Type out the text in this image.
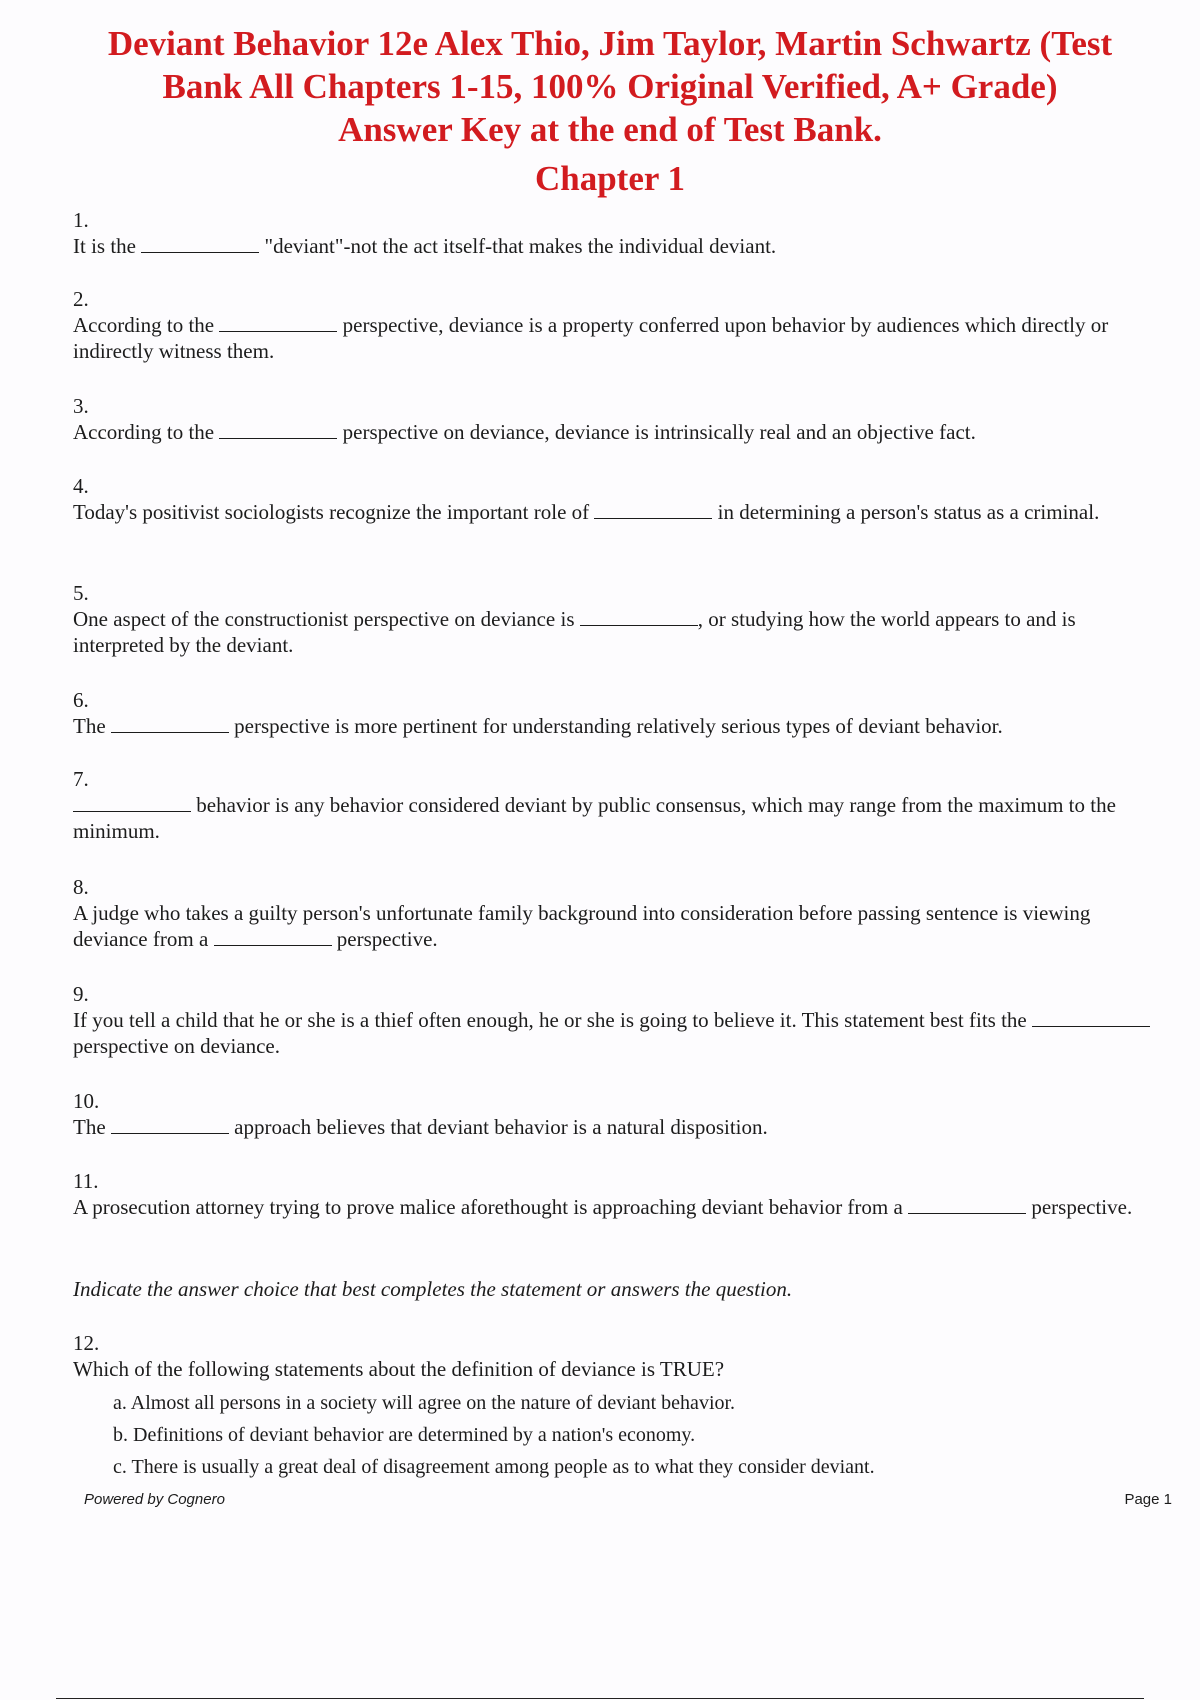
Deviant Behavior 12e Alex Thio, Jim Taylor, Martin Schwartz (Test
Bank All Chapters 1-15, 100% Original Verified, A+ Grade)
Answer Key at the end of Test Bank.
Chapter 1
1.
It is the	"deviant"-not the act itself-that makes the individual deviant.
2.
According to the	perspective, deviance is a property conferred upon behavior by audiences which directly or indirectly witness them.
3.
According to the	perspective on deviance, deviance is intrinsically real and an objective fact.
4.
Today's positivist sociologists recognize the important role of	in determining a person's status as a criminal.
5.
One aspect of the constructionist perspective on deviance is	, or studying how the world appears to and is interpreted by the deviant.
6.
The	perspective is more pertinent for understanding relatively serious types of deviant behavior.
7.
behavior is any behavior considered deviant by public consensus, which may range from the maximum to the minimum.
8.
A judge who takes a guilty person's unfortunate family background into consideration before passing sentence is viewing deviance from a	perspective.
9.
If you tell a child that he or she is a thief often enough, he or she is going to believe it. This statement best fits the  perspective on deviance.
10.
The	approach believes that deviant behavior is a natural disposition.
11.
A prosecution attorney trying to prove malice aforethought is approaching deviant behavior from a	perspective.
Indicate the answer choice that best completes the statement or answers the question.
12.
Which of the following statements about the definition of deviance is TRUE?
a. Almost all persons in a society will agree on the nature of deviant behavior.
b. Definitions of deviant behavior are determined by a nation's economy.
c. There is usually a great deal of disagreement among people as to what they consider deviant.
Powered by Cognero	Page 1
